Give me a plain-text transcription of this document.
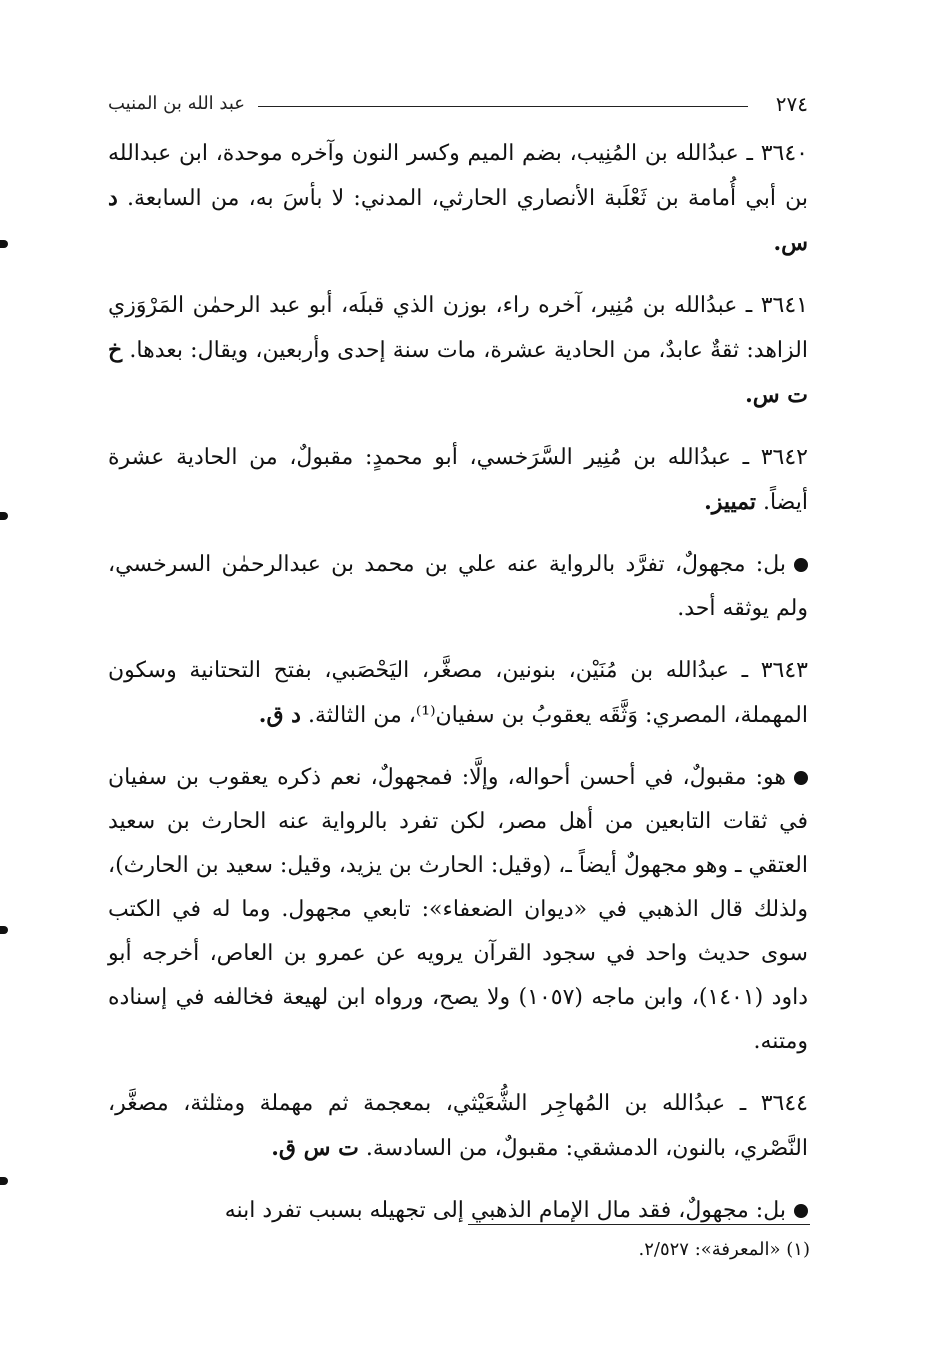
٢٧٤
عبد الله بن المنيب

٣٦٤٠ ـ عبدُالله بن المُنِيب، بضم الميم وكسر النون وآخره موحدة، ابن عبدالله بن أبي أُمامة بن ثَعْلَبة الأنصاري الحارثي، المدني: لا بأسَ به، من السابعة. د س.

٣٦٤١ ـ عبدُالله بن مُنِير، آخره راء، بوزن الذي قبلَه، أبو عبد الرحمٰن المَرْوَزي الزاهد: ثقةٌ عابدٌ، من الحادية عشرة، مات سنة إحدى وأربعين، ويقال: بعدها. خ ت س.

٣٦٤٢ ـ عبدُالله بن مُنِير السَّرَخسي، أبو محمدٍ: مقبولٌ، من الحادية عشرة أيضاً. تمييز.

بل: مجهولٌ، تفرَّد بالرواية عنه علي بن محمد بن عبدالرحمٰن السرخسي، ولم يوثقه أحد.

٣٦٤٣ ـ عبدُالله بن مُنَيْن، بنونين، مصغَّر، اليَحْصَبي، بفتح التحتانية وسكون المهملة، المصري: وَثَّقَه يعقوبُ بن سفيان⁽¹⁾، من الثالثة. د ق.

هو: مقبولٌ، في أحسن أحواله، وإلَّا: فمجهولٌ، نعم ذكره يعقوب بن سفيان في ثقات التابعين من أهل مصر، لكن تفرد بالرواية عنه الحارث بن سعيد العتقي ـ وهو مجهولٌ أيضاً ـ، (وقيل: الحارث بن يزيد، وقيل: سعيد بن الحارث)، ولذلك قال الذهبي في «ديوان الضعفاء»: تابعي مجهول. وما له في الكتب سوى حديث واحد في سجود القرآن يرويه عن عمرو بن العاص، أخرجه أبو داود (١٤٠١)، وابن ماجه (١٠٥٧) ولا يصح، ورواه ابن لهيعة فخالفه في إسناده ومتنه.

٣٦٤٤ ـ عبدُالله بن المُهاجِر الشُّعَيْثي، بمعجمة ثم مهملة ومثلثة، مصغَّر، النَّصْري، بالنون، الدمشقي: مقبولٌ، من السادسة. ت س ق.

بل: مجهولٌ، فقد مال الإمام الذهبي إلى تجهيله بسبب تفرد ابنه

(١) «المعرفة»: ٢/٥٢٧.
